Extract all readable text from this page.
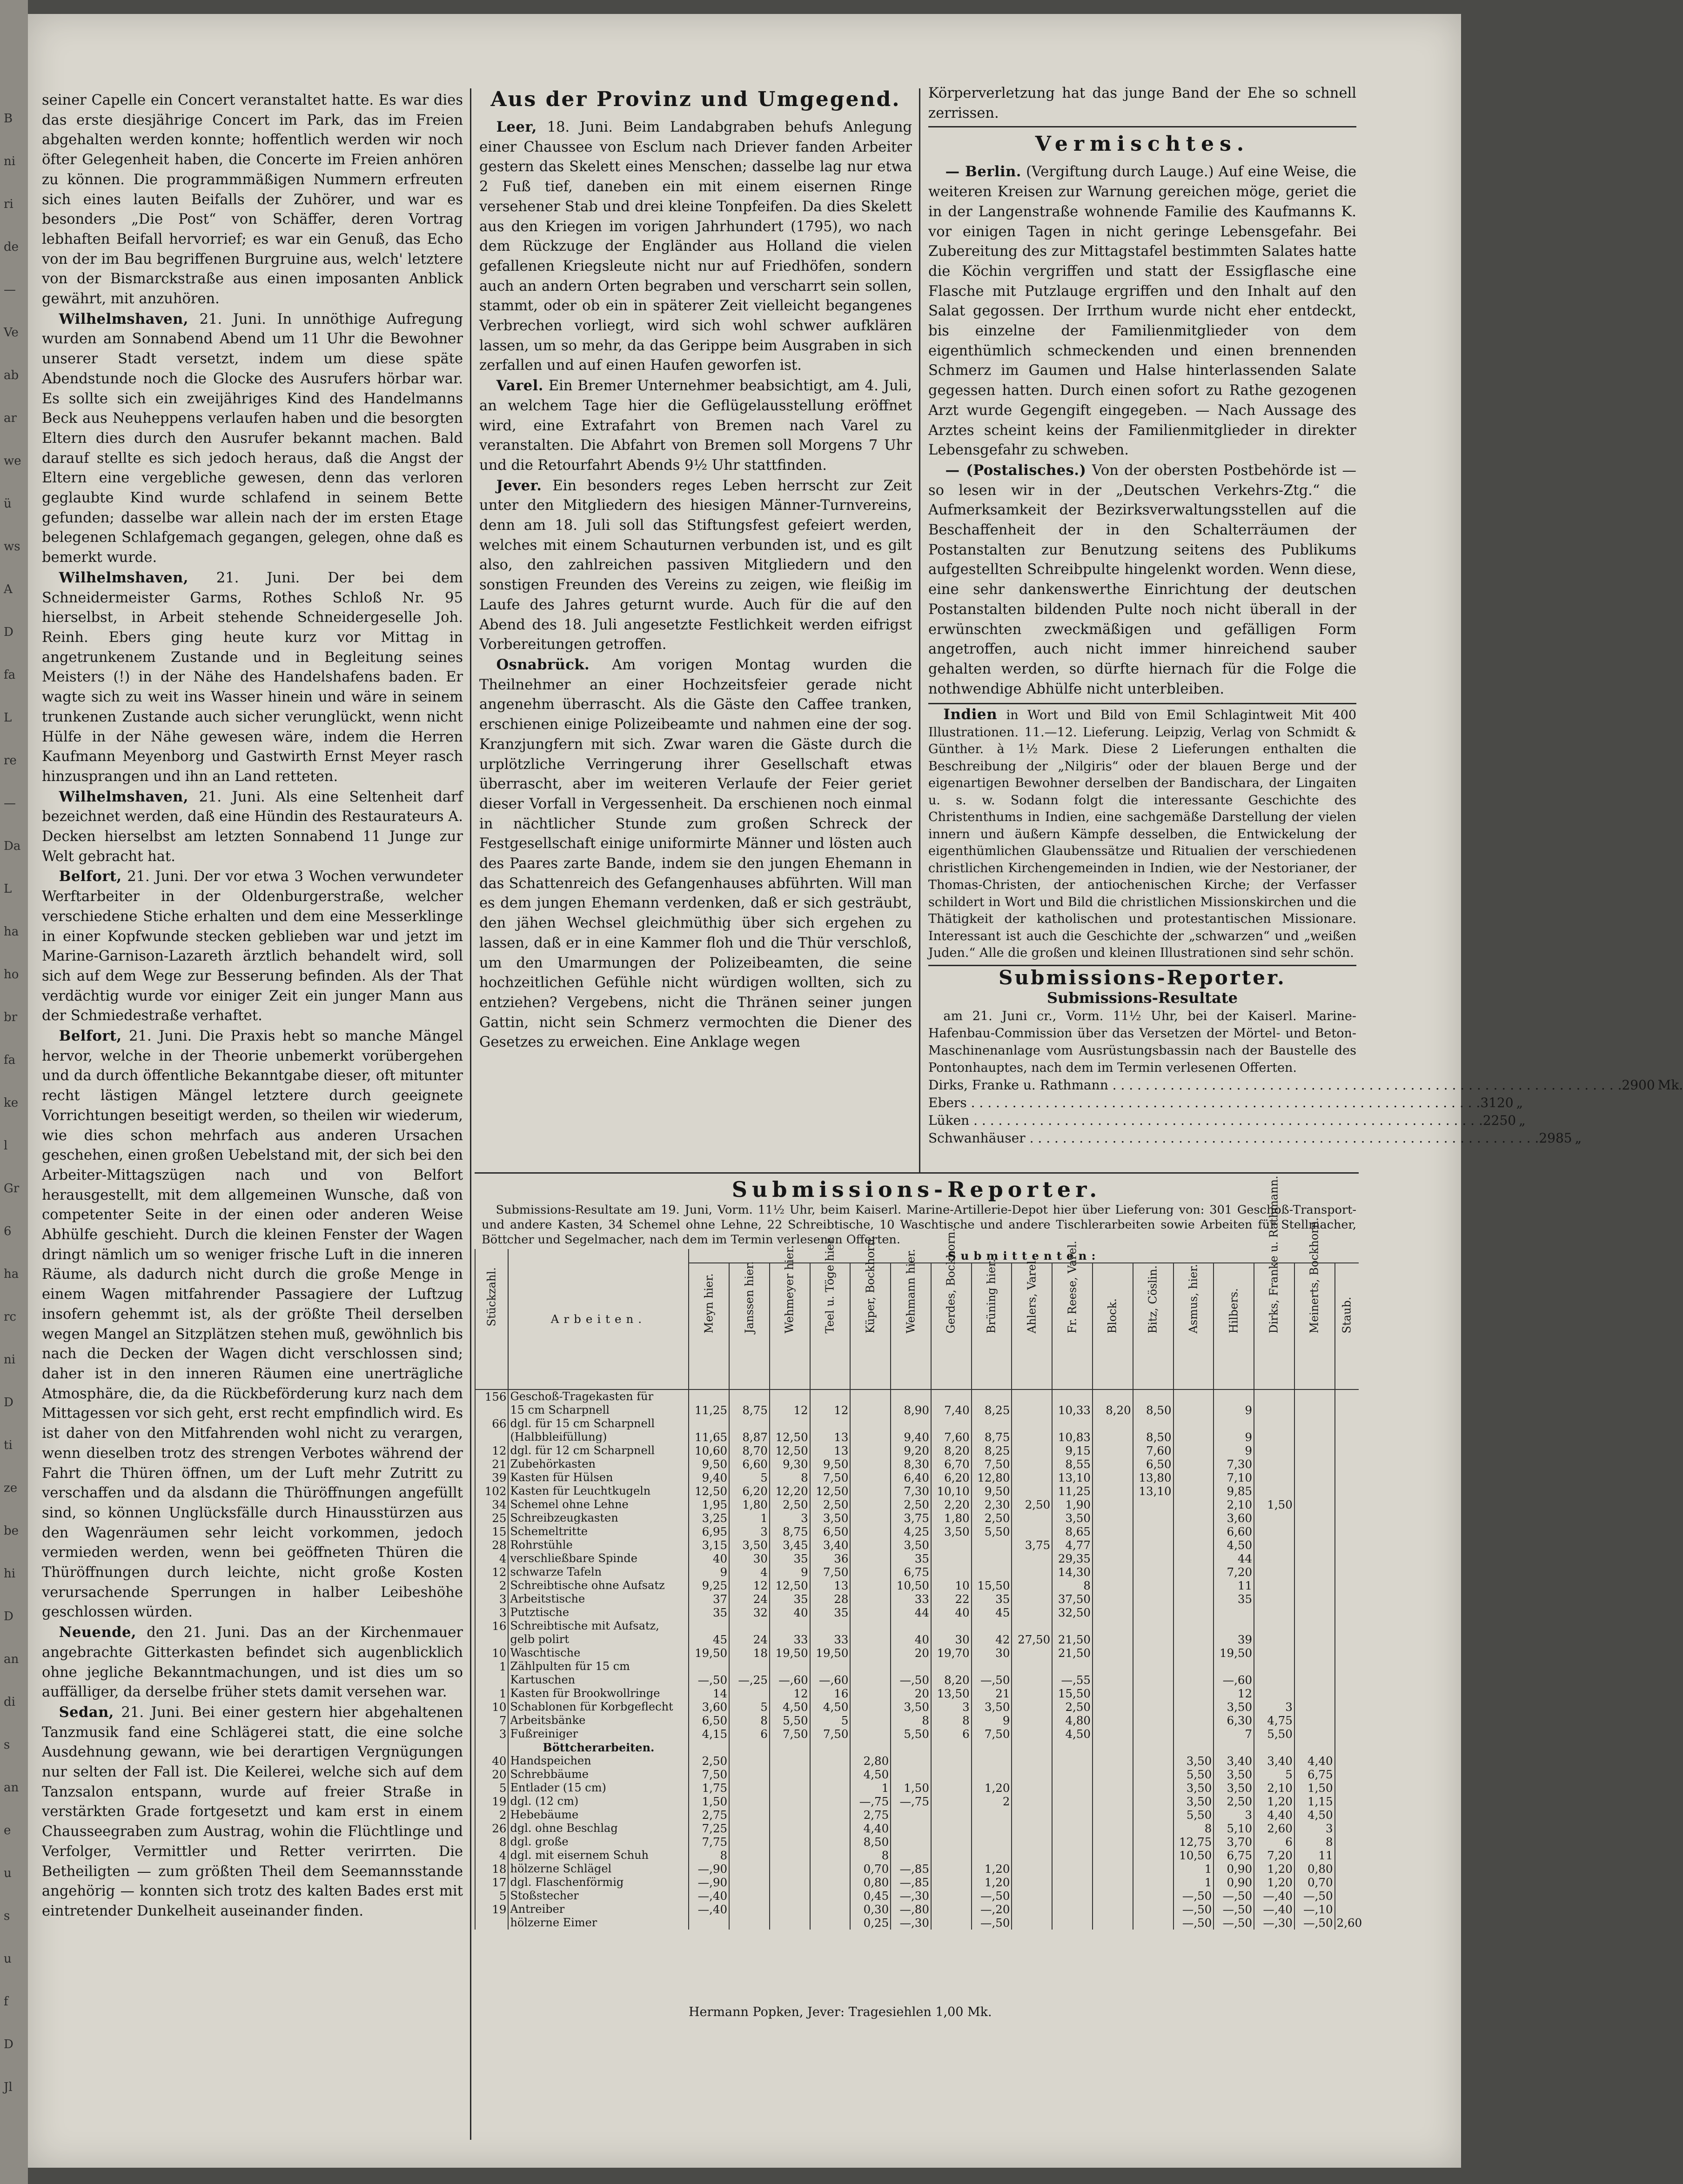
B
ni
ri
de
—
Ve
ab
ar
we
ü
ws
A
D
fa
L
re
—
Da
L
ha
ho
br
fa
ke
l
Gr
6
ha
rc
ni
D
ti
ze
be
hi
D
an
di
s
an
e
u
s
u
f
D
Jl

seiner Capelle ein Concert veranstaltet hatte. Es war dies das erste diesjährige Concert im Park, das im Freien abgehalten werden konnte; hoffentlich werden wir noch öfter Gelegenheit haben, die Concerte im Freien anhören zu können. Die programmmäßigen Nummern erfreuten sich eines lauten Beifalls der Zuhörer, und war es besonders „Die Post“ von Schäffer, deren Vortrag lebhaften Beifall hervorrief; es war ein Genuß, das Echo von der im Bau begriffenen Burgruine aus, welch' letztere von der Bismarckstraße aus einen imposanten Anblick gewährt, mit anzuhören.

Wilhelmshaven, 21. Juni. In unnöthige Aufregung wurden am Sonnabend Abend um 11 Uhr die Bewohner unserer Stadt versetzt, indem um diese späte Abendstunde noch die Glocke des Ausrufers hörbar war. Es sollte sich ein zweijähriges Kind des Handelmanns Beck aus Neuheppens verlaufen haben und die besorgten Eltern dies durch den Ausrufer bekannt machen. Bald darauf stellte es sich jedoch heraus, daß die Angst der Eltern eine vergebliche gewesen, denn das verloren geglaubte Kind wurde schlafend in seinem Bette gefunden; dasselbe war allein nach der im ersten Etage belegenen Schlafgemach gegangen, gelegen, ohne daß es bemerkt wurde.

Wilhelmshaven, 21. Juni. Der bei dem Schneidermeister Garms, Rothes Schloß Nr. 95 hierselbst, in Arbeit stehende Schneidergeselle Joh. Reinh. Ebers ging heute kurz vor Mittag in angetrunkenem Zustande und in Begleitung seines Meisters (!) in der Nähe des Handelshafens baden. Er wagte sich zu weit ins Wasser hinein und wäre in seinem trunkenen Zustande auch sicher verunglückt, wenn nicht Hülfe in der Nähe gewesen wäre, indem die Herren Kaufmann Meyenborg und Gastwirth Ernst Meyer rasch hinzusprangen und ihn an Land retteten.

Wilhelmshaven, 21. Juni. Als eine Seltenheit darf bezeichnet werden, daß eine Hündin des Restaurateurs A. Decken hierselbst am letzten Sonnabend 11 Junge zur Welt gebracht hat.

Belfort, 21. Juni. Der vor etwa 3 Wochen verwundeter Werftarbeiter in der Oldenburgerstraße, welcher verschiedene Stiche erhalten und dem eine Messerklinge in einer Kopfwunde stecken geblieben war und jetzt im Marine-Garnison-Lazareth ärztlich behandelt wird, soll sich auf dem Wege zur Besserung befinden. Als der That verdächtig wurde vor einiger Zeit ein junger Mann aus der Schmiedestraße verhaftet.

Belfort, 21. Juni. Die Praxis hebt so manche Mängel hervor, welche in der Theorie unbemerkt vorübergehen und da durch öffentliche Bekanntgabe dieser, oft mitunter recht lästigen Mängel letztere durch geeignete Vorrichtungen beseitigt werden, so theilen wir wiederum, wie dies schon mehrfach aus anderen Ursachen geschehen, einen großen Uebelstand mit, der sich bei den Arbeiter-Mittagszügen nach und von Belfort herausgestellt, mit dem allgemeinen Wunsche, daß von competenter Seite in der einen oder anderen Weise Abhülfe geschieht. Durch die kleinen Fenster der Wagen dringt nämlich um so weniger frische Luft in die inneren Räume, als dadurch nicht durch die große Menge in einem Wagen mitfahrender Passagiere der Luftzug insofern gehemmt ist, als der größte Theil derselben wegen Mangel an Sitzplätzen stehen muß, gewöhnlich bis nach die Decken der Wagen dicht verschlossen sind; daher ist in den inneren Räumen eine unerträgliche Atmosphäre, die, da die Rückbeförderung kurz nach dem Mittagessen vor sich geht, erst recht empfindlich wird. Es ist daher von den Mitfahrenden wohl nicht zu verargen, wenn dieselben trotz des strengen Verbotes während der Fahrt die Thüren öffnen, um der Luft mehr Zutritt zu verschaffen und da alsdann die Thüröffnungen angefüllt sind, so können Unglücksfälle durch Hinausstürzen aus den Wagenräumen sehr leicht vorkommen, jedoch vermieden werden, wenn bei geöffneten Thüren die Thüröffnungen durch leichte, nicht große Kosten verursachende Sperrungen in halber Leibeshöhe geschlossen würden.

Neuende, den 21. Juni. Das an der Kirchenmauer angebrachte Gitterkasten befindet sich augenblicklich ohne jegliche Bekanntmachungen, und ist dies um so auffälliger, da derselbe früher stets damit versehen war.

Sedan, 21. Juni. Bei einer gestern hier abgehaltenen Tanzmusik fand eine Schlägerei statt, die eine solche Ausdehnung gewann, wie bei derartigen Vergnügungen nur selten der Fall ist. Die Keilerei, welche sich auf dem Tanzsalon entspann, wurde auf freier Straße in verstärkten Grade fortgesetzt und kam erst in einem Chausseegraben zum Austrag, wohin die Flüchtlinge und Verfolger, Vermittler und Retter verirrten. Die Betheiligten — zum größten Theil dem Seemannsstande angehörig — konnten sich trotz des kalten Bades erst mit eintretender Dunkelheit auseinander finden.

Aus der Provinz und Umgegend.

Leer, 18. Juni. Beim Landabgraben behufs Anlegung einer Chaussee von Esclum nach Driever fanden Arbeiter gestern das Skelett eines Menschen; dasselbe lag nur etwa 2 Fuß tief, daneben ein mit einem eisernen Ringe versehener Stab und drei kleine Tonpfeifen. Da dies Skelett aus den Kriegen im vorigen Jahrhundert (1795), wo nach dem Rückzuge der Engländer aus Holland die vielen gefallenen Kriegsleute nicht nur auf Friedhöfen, sondern auch an andern Orten begraben und verscharrt sein sollen, stammt, oder ob ein in späterer Zeit vielleicht begangenes Verbrechen vorliegt, wird sich wohl schwer aufklären lassen, um so mehr, da das Gerippe beim Ausgraben in sich zerfallen und auf einen Haufen geworfen ist.

Varel. Ein Bremer Unternehmer beabsichtigt, am 4. Juli, an welchem Tage hier die Geflügelausstellung eröffnet wird, eine Extrafahrt von Bremen nach Varel zu veranstalten. Die Abfahrt von Bremen soll Morgens 7 Uhr und die Retourfahrt Abends 9½ Uhr stattfinden.

Jever. Ein besonders reges Leben herrscht zur Zeit unter den Mitgliedern des hiesigen Männer-Turnvereins, denn am 18. Juli soll das Stiftungsfest gefeiert werden, welches mit einem Schauturnen verbunden ist, und es gilt also, den zahlreichen passiven Mitgliedern und den sonstigen Freunden des Vereins zu zeigen, wie fleißig im Laufe des Jahres geturnt wurde. Auch für die auf den Abend des 18. Juli angesetzte Festlichkeit werden eifrigst Vorbereitungen getroffen.

Osnabrück. Am vorigen Montag wurden die Theilnehmer an einer Hochzeitsfeier gerade nicht angenehm überrascht. Als die Gäste den Caffee tranken, erschienen einige Polizeibeamte und nahmen eine der sog. Kranzjungfern mit sich. Zwar waren die Gäste durch die urplötzliche Verringerung ihrer Gesellschaft etwas überrascht, aber im weiteren Verlaufe der Feier geriet dieser Vorfall in Vergessenheit. Da erschienen noch einmal in nächtlicher Stunde zum großen Schreck der Festgesellschaft einige uniformirte Männer und lösten auch des Paares zarte Bande, indem sie den jungen Ehemann in das Schattenreich des Gefangenhauses abführten. Will man es dem jungen Ehemann verdenken, daß er sich gesträubt, den jähen Wechsel gleichmüthig über sich ergehen zu lassen, daß er in eine Kammer floh und die Thür verschloß, um den Umarmungen der Polizeibeamten, die seine hochzeitlichen Gefühle nicht würdigen wollten, sich zu entziehen? Vergebens, nicht die Thränen seiner jungen Gattin, nicht sein Schmerz vermochten die Diener des Gesetzes zu erweichen. Eine Anklage wegen

Körperverletzung hat das junge Band der Ehe so schnell zerrissen.

Vermischtes.

— Berlin. (Vergiftung durch Lauge.) Auf eine Weise, die weiteren Kreisen zur Warnung gereichen möge, geriet die in der Langenstraße wohnende Familie des Kaufmanns K. vor einigen Tagen in nicht geringe Lebensgefahr. Bei Zubereitung des zur Mittagstafel bestimmten Salates hatte die Köchin vergriffen und statt der Essigflasche eine Flasche mit Putzlauge ergriffen und den Inhalt auf den Salat gegossen. Der Irrthum wurde nicht eher entdeckt, bis einzelne der Familienmitglieder von dem eigenthümlich schmeckenden und einen brennenden Schmerz im Gaumen und Halse hinterlassenden Salate gegessen hatten. Durch einen sofort zu Rathe gezogenen Arzt wurde Gegengift eingegeben. — Nach Aussage des Arztes scheint keins der Familienmitglieder in direkter Lebensgefahr zu schweben.

— (Postalisches.) Von der obersten Postbehörde ist — so lesen wir in der „Deutschen Verkehrs-Ztg.“ die Aufmerksamkeit der Bezirksverwaltungsstellen auf die Beschaffenheit der in den Schalterräumen der Postanstalten zur Benutzung seitens des Publikums aufgestellten Schreibpulte hingelenkt worden. Wenn diese, eine sehr dankenswerthe Einrichtung der deutschen Postanstalten bildenden Pulte noch nicht überall in der erwünschten zweckmäßigen und gefälligen Form angetroffen, auch nicht immer hinreichend sauber gehalten werden, so dürfte hiernach für die Folge die nothwendige Abhülfe nicht unterbleiben.

Indien in Wort und Bild von Emil Schlagintweit Mit 400 Illustrationen. 11.—12. Lieferung. Leipzig, Verlag von Schmidt & Günther. à 1½ Mark. Diese 2 Lieferungen enthalten die Beschreibung der „Nilgiris“ oder der blauen Berge und der eigenartigen Bewohner derselben der Bandischara, der Lingaiten u. s. w. Sodann folgt die interessante Geschichte des Christenthums in Indien, eine sachgemäße Darstellung der vielen innern und äußern Kämpfe desselben, die Entwickelung der eigenthümlichen Glaubenssätze und Ritualien der verschiedenen christlichen Kirchengemeinden in Indien, wie der Nestorianer, der Thomas-Christen, der antiochenischen Kirche; der Verfasser schildert in Wort und Bild die christlichen Missionskirchen und die Thätigkeit der katholischen und protestantischen Missionare. Interessant ist auch die Geschichte der „schwarzen“ und „weißen Juden.“ Alle die großen und kleinen Illustrationen sind sehr schön.

Submissions-Reporter.
Submissions-Resultate
am 21. Juni cr., Vorm. 11½ Uhr, bei der Kaiserl. Marine-Hafenbau-Commission über das Versetzen der Mörtel- und Beton-Maschinenanlage vom Ausrüstungsbassin nach der Baustelle des Pontonhauptes, nach dem im Termin verlesenen Offerten.
Dirks, Franke u. Rathmann . . .	2900 Mk.
Ebers . . .	3120 „
Lüken . . .	2250 „
Schwanhäuser . . .	2985 „
Submissions-Reporter.
Submissions-Resultate am 19. Juni, Vorm. 11½ Uhr, beim Kaiserl. Marine-Artillerie-Depot hier über Lieferung von: 301 Geschoß-Transport- und andere Kasten, 34 Schemel ohne Lehne, 22 Schreibtische, 10 Waschtische und andere Tischlerarbeiten sowie Arbeiten für Stellmacher, Böttcher und Segelmacher, nach dem im Termin verlesenen Offerten.
Stückzahl.	Arbeiten.	Submittenten:																
		Meyn hier.	Janssen hier.	Wehmeyer hier.	Teel u. Töge hier.	Küper, Bockhorn.	Wehmann hier.	Gerdes, Bockhorn.	Brüning hier.	Ahlers, Varel.	Fr. Reese, Varel.	Block.	Bitz, Cöslin.	Asmus, hier.	Hilbers.	Dirks, Franke u. Rathmann.	Meinerts, Bockhorn.	Staub.
156	Geschoß-Tragekasten für																	
	15 cm Scharpnell	11,25	8,75	12	12		8,90	7,40	8,25		10,33	8,20	8,50		9			
66	dgl. für 15 cm Scharpnell																	
	(Halbbleifüllung)	11,65	8,87	12,50	13		9,40	7,60	8,75		10,83		8,50		9			
12	dgl. für 12 cm Scharpnell	10,60	8,70	12,50	13		9,20	8,20	8,25		9,15		7,60		9			
21	Zubehörkasten	9,50	6,60	9,30	9,50		8,30	6,70	7,50		8,55		6,50		7,30			
39	Kasten für Hülsen	9,40	5	8	7,50		6,40	6,20	12,80		13,10		13,80		7,10			
102	Kasten für Leuchtkugeln	12,50	6,20	12,20	12,50		7,30	10,10	9,50		11,25		13,10		9,85			
34	Schemel ohne Lehne	1,95	1,80	2,50	2,50		2,50	2,20	2,30	2,50	1,90				2,10	1,50		
25	Schreibzeugkasten	3,25	1	3	3,50		3,75	1,80	2,50		3,50				3,60			
15	Schemeltritte	6,95	3	8,75	6,50		4,25	3,50	5,50		8,65				6,60			
28	Rohrstühle	3,15	3,50	3,45	3,40		3,50			3,75	4,77				4,50			
4	verschließbare Spinde	40	30	35	36		35				29,35				44			
12	schwarze Tafeln	9	4	9	7,50		6,75				14,30				7,20			
2	Schreibtische ohne Aufsatz	9,25	12	12,50	13		10,50	10	15,50		8				11			
3	Arbeitstische	37	24	35	28		33	22	35		37,50				35			
3	Putztische	35	32	40	35		44	40	45		32,50							
16	Schreibtische mit Aufsatz,																	
	gelb polirt	45	24	33	33		40	30	42	27,50	21,50				39			
10	Waschtische	19,50	18	19,50	19,50		20	19,70	30		21,50				19,50			
1	Zählpulten für 15 cm																	
	Kartuschen	—,50	—,25	—,60	—,60		—,50	8,20	—,50		—,55				—,60			
1	Kasten für Brookwollringe	14		12	16		20	13,50	21		15,50				12			
10	Schablonen für Korbgeflecht	3,60	5	4,50	4,50		3,50	3	3,50		2,50				3,50	3		
7	Arbeitsbänke	6,50	8	5,50	5		8	8	9		4,80				6,30	4,75		
3	Fußreiniger	4,15	6	7,50	7,50		5,50	6	7,50		4,50				7	5,50		
	Böttcherarbeiten.																	
40	Handspeichen	2,50				2,80								3,50	3,40	3,40	4,40	
20	Schrebbäume	7,50				4,50								5,50	3,50	5	6,75	
5	Entlader (15 cm)	1,75				1	1,50		1,20					3,50	3,50	2,10	1,50	
19	dgl. (12 cm)	1,50				—,75	—,75		2					3,50	2,50	1,20	1,15	
2	Hebebäume	2,75				2,75								5,50	3	4,40	4,50	
26	dgl. ohne Beschlag	7,25				4,40								8	5,10	2,60	3	
8	dgl. große	7,75				8,50								12,75	3,70	6	8	
4	dgl. mit eisernem Schuh	8				8								10,50	6,75	7,20	11	
18	hölzerne Schlägel	—,90				0,70	—,85		1,20					1	0,90	1,20	0,80	
17	dgl. Flaschenförmig	—,90				0,80	—,85		1,20					1	0,90	1,20	0,70	
5	Stoßstecher	—,40				0,45	—,30		—,50					—,50	—,50	—,40	—,50	
19	Antreiber	—,40				0,30	—,80		—,20					—,50	—,50	—,40	—,10	
	hölzerne Eimer					0,25	—,30		—,50					—,50	—,50	—,30	—,50	2,60
Hermann Popken, Jever: Tragesiehlen 1,00 Mk.
